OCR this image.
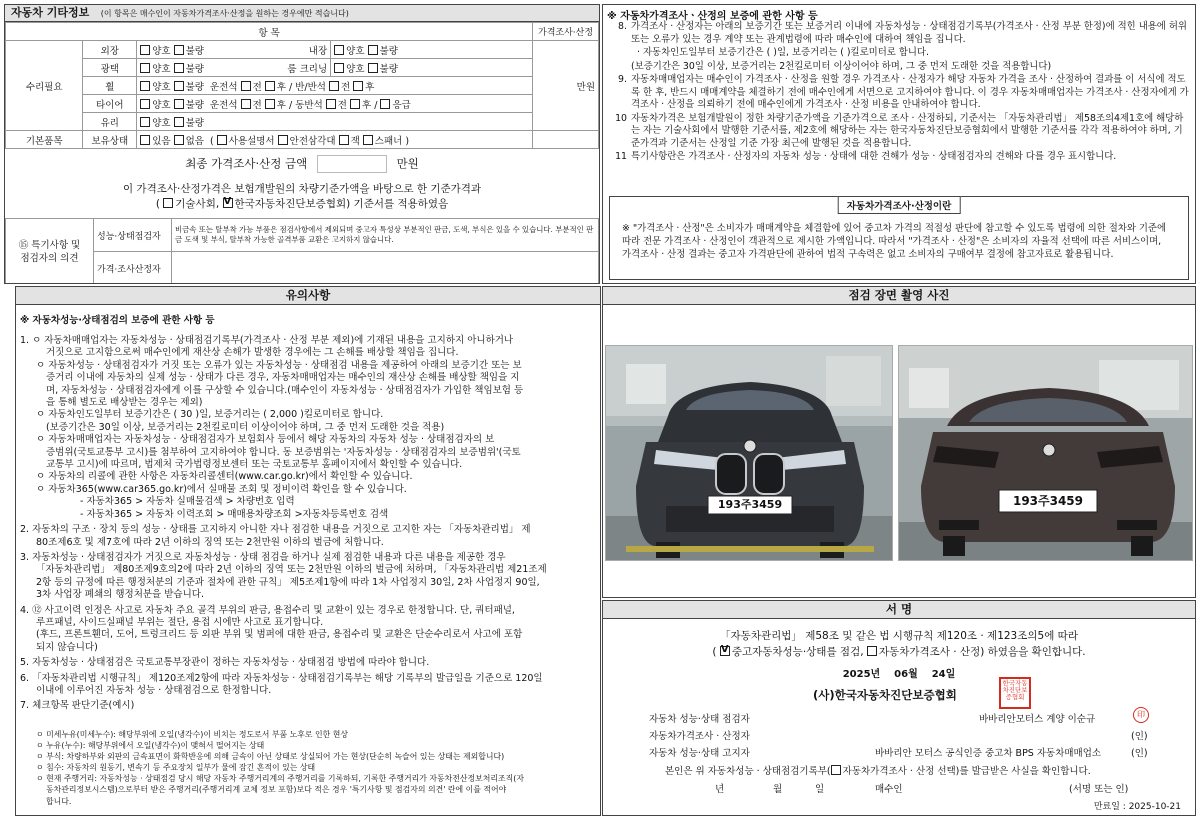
자동차 기타정보 (이 항목은 매수인이 자동차가격조사·산정을 원하는 경우에만 적습니다)
항 목				가격조사·산정
수리필요	외장	양호 불량 내장	양호 불량	만원
	광택	양호 불량 룸 크리닝	양호 불량	
	휠	양호 불량 운전석 전 후 / 반/반석 전 후		
	타이어	양호 불량 운전석 전 후 / 동반석 전 후 / 응급		
	유리	양호 불량		
기본품목	보유상태	있음 없음  ( 사용설명서 안전삼각대 잭 스패너 )		
최종 가격조사·산정 금액	만원
이 가격조사·산정가격은 보험개발원의 차량기준가액을 바탕으로 한 기준가격과
( 기술사회, V한국자동차진단보증협회) 기준서를 적용하였음
⑮ 특기사항 및
점검자의 의견	성능·상태점검자	비금속 또는 탈부착 가능 부품은 점검사항에서 제외되며 중고자 특성상 부분적인 판금, 도색, 부식은 있을 수 있습니다. 부분적인 판금 도색 및 부식, 탈부착 가능한 골격부품 교환은 고지하지 않습니다.
	가격·조사산정자	
※ 자동차가격조사ㆍ산정의 보증에 관한 사항 등
8. 가격조사 · 산정자는 아래의 보증기간 또는 보증거리 이내에 자동차성능 · 상태점검기록부(가격조사 · 산정 부분 한정)에 적힌 내용에 허위 또는 오류가 있는 경우 계약 또는 관계법령에 따라 매수인에 대하여 책임을 집니다.
· 자동차인도일부터 보증기간은 ( )일, 보증거리는 ( )킬로미터로 합니다.
(보증기간은 30일 이상, 보증거리는 2천킬로미터 이상이어야 하며, 그 중 먼저 도래한 것을 적용합니다)
9. 자동차매매업자는 매수인이 가격조사 · 산정을 원할 경우 가격조사 · 산정자가 해당 자동차 가격을 조사 · 산정하여 결과를 이 서식에 적도록 한 후, 반드시 매매계약을 체결하기 전에 매수인에게 서면으로 고지하여야 합니다. 이 경우 자동차매매업자는 가격조사 · 산정자에게 가격조사 · 산정을 의뢰하기 전에 매수인에게 가격조사 · 산정 비용을 안내하여야 합니다.
10 자동차가격은 보험개발원이 정한 차량기준가액을 기준가격으로 조사 · 산정하되, 기준서는 「자동차관리법」 제58조의4제1호에 해당하는 자는 기술사회에서 발행한 기준서를, 제2호에 해당하는 자는 한국자동차진단보증협회에서 발행한 기준서를 각각 적용하여야 하며, 기준가격과 기준서는 산정일 기준 가장 최근에 발행된 것을 적용합니다.
11 특기사항란은 가격조사 · 산정자의 자동차 성능 · 상태에 대한 견해가 성능 · 상태점검자의 견해와 다를 경우 표시합니다.
자동차가격조사·산정이란
※ "가격조사 · 산정"은 소비자가 매매계약을 체결함에 있어 중고차 가격의 적절성 판단에 참고할 수 있도록 법령에 의한 절차와 기준에 따라 전문 가격조사 · 산정인이 객관적으로 제시한 가액입니다. 따라서 "가격조사 · 산정"은 소비자의 자율적 선택에 따른 서비스이며, 가격조사 · 산정 결과는 중고자 가격판단에 관하여 법적 구속력은 없고 소비자의 구매여부 결정에 참고자료로 활용됩니다.
유의사항
※ 자동차성능·상태점검의 보증에 관한 사항 등

1. ㅇ 자동차매매업자는 자동차성능 · 상태점검기록부(가격조사 · 산정 부분 제외)에 기재된 내용을 고지하지 아니하거나

거짓으로 고지함으로써 매수인에게 재산상 손해가 발생한 경우에는 그 손해를 배상할 책임을 집니다.

ㅇ 자동차성능 · 상태점검자가 거짓 또는 오류가 있는 자동차성능 · 상태점검 내용을 제공하여 아래의 보증기간 또는 보

증거리 이내에 자동차의 실제 성능 · 상태가 다른 경우, 자동차매매업자는 매수인의 재산상 손해를 배상할 책임을 지

며, 자동차성능 · 상태점검자에게 이를 구상할 수 있습니다.(매수인이 자동차성능 · 상태점검자가 가입한 책임보험 등

을 통해 별도로 배상받는 경우는 제외)

ㅇ 자동차인도일부터 보증기간은 ( 30 )일, 보증거리는 ( 2,000 )킬로미터로 합니다.

(보증기간은 30일 이상, 보증거리는 2천킬로미터 이상이어야 하며, 그 중 먼저 도래한 것을 적용)

ㅇ 자동차매매업자는 자동차성능 · 상태점검자가 보험회사 등에서 해당 자동차의 자동차 성능 · 상태점검자의 보

증범위(국토교통부 고시)를 첨부하여 고지하여야 합니다. 동 보증범위는 '자동차성능 · 상태점검자의 보증범위'(국토

교통부 고시)에 따르며, 법제처 국가법령정보센터 또는 국토교통부 홈페이지에서 확인할 수 있습니다.

ㅇ 자동차의 리콜에 관한 사항은 자동차리콜센터(www.car.go.kr)에서 확인할 수 있습니다.

ㅇ 자동차365(www.car365.go.kr)에서 실매물 조회 및 정비이력 확인을 할 수 있습니다.

- 자동차365 > 자동차 실매물검색 > 차량번호 입력

- 자동차365 > 자동차 이력조회 > 매매용차량조회 >자동차등록번호 검색

2. 자동차의 구조 · 장치 등의 성능 · 상태를 고지하지 아니한 자나 점검한 내용을 거짓으로 고지한 자는 「자동차관리법」 제

80조제6호 및 제7호에 따라 2년 이하의 징역 또는 2천만원 이하의 벌금에 처합니다.

3. 자동차성능 · 상태점검자가 거짓으로 자동차성능 · 상태 점검을 하거나 실제 점검한 내용과 다른 내용을 제공한 경우

「자동차관리법」 제80조제9호의2에 따라 2년 이하의 징역 또는 2천만원 이하의 벌금에 처하며, 「자동차관리법 제21조제

2항 등의 규정에 따른 행정처분의 기준과 절차에 관한 규칙」 제5조제1항에 따라 1차 사업정지 30일, 2차 사업정지 90일,

3차 사업장 폐쇄의 행정처분을 받습니다.

4. ⑫ 사고이력 인정은 사고로 자동차 주요 골격 부위의 판금, 용접수리 및 교환이 있는 경우로 한정합니다. 단, 쿼터패널,

루프패널, 사이드실패널 부위는 절단, 용접 시에만 사고로 표기합니다.

(후드, 프론트휀더, 도어, 트렁크리드 등 외판 부위 및 범퍼에 대한 판금, 용접수리 및 교환은 단순수리로서 사고에 포함

되지 않습니다)

5. 자동차성능 · 상태점검은 국토교통부장관이 정하는 자동차성능 · 상태점검 방법에 따라야 합니다.

6. 「자동차관리법 시행규칙」 제120조제2항에 따라 자동차성능 · 상태점검기록부는 해당 기록부의 발급일을 기준으로 120일

이내에 이루어진 자동차 성능 · 상태점검으로 한정합니다.

7. 체크항목 판단기준(예시)

ㅇ 미세누유(미세누수): 해당부위에 오일(냉각수)이 비치는 정도로서 부품 노후로 인한 현상

ㅇ 누유(누수): 해당부위에서 오일(냉각수)이 맺혀서 떨어지는 상태

ㅇ 부식: 차량하부와 외판의 금속표면이 화학반응에 의해 금속이 아닌 상태로 상실되어 가는 현상(단순히 녹슬어 있는 상태는 제외합니다)

ㅇ 침수: 자동차의 원동기, 변속기 등 주요장치 일부가 물에 잠긴 흔적이 있는 상태

ㅇ 현재 주행거리: 자동차성능 · 상태점검 당시 해당 자동차 주행거리계의 주행거리를 기록하되, 기록한 주행거리가 자동차전산정보처리조직(자

동차관리정보시스템)으로부터 받은 주행거리(주행거리계 교체 정보 포함)보다 적은 경우 '특기사항 및 점검자의 의견' 란에 이를 적어야

합니다.

점검 장면 촬영 사진
193주3459	193주3459
서 명
「자동차관리법」 제58조 및 같은 법 시행규칙 제120조 · 제123조의5에 따라
( V중고자동차성능·상태를 점검, 자동차가격조사 · 산정) 하였음을 확인합니다.
2025년 06월 24일
(사)한국자동차진단보증협회
한국자동차진단보증협회
자동차 성능·상태 점검자	바바리안모터스 계양 이순규	印
자동차가격조사 · 산정자	(인)
자동차 성능·상태 고지자	바바리안 모터스 공식인증 중고차 BPS 자동차매매업소	(인)
본인은 위 자동차성능 · 상태점검기록부( 자동차가격조사 · 산정 선택)를 발급받은 사실을 확인합니다.
년	월	일	매수인	(서명 또는 인)
만료일 : 2025-10-21
